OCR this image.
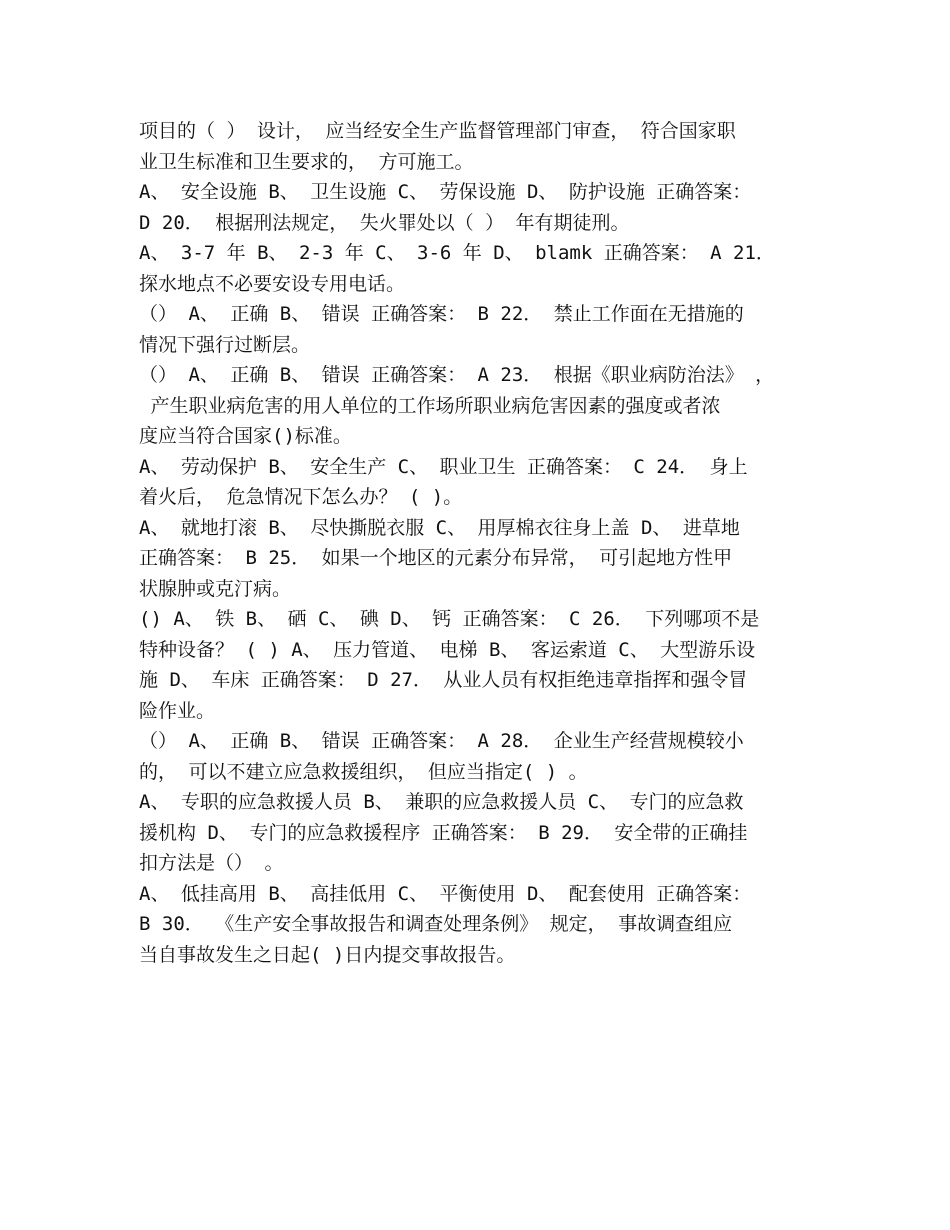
项目的（ ） 设计， 应当经安全生产监督管理部门审查， 符合国家职
业卫生标准和卫生要求的， 方可施工。
A、 安全设施 B、 卫生设施 C、 劳保设施 D、 防护设施 正确答案：
D 20． 根据刑法规定， 失火罪处以（ ） 年有期徒刑。
A、 3-7 年 B、 2-3 年 C、 3-6 年 D、 blamk 正确答案： A 21．
探水地点不必要安设专用电话。
（） A、 正确 B、 错误 正确答案： B 22． 禁止工作面在无措施的
情况下强行过断层。
（） A、 正确 B、 错误 正确答案： A 23． 根据《职业病防治法》 ，
产生职业病危害的用人单位的工作场所职业病危害因素的强度或者浓
度应当符合国家()标准。
A、 劳动保护 B、 安全生产 C、 职业卫生 正确答案： C 24． 身上
着火后， 危急情况下怎么办？ ( )。
A、 就地打滚 B、 尽快撕脱衣服 C、 用厚棉衣往身上盖 D、 进草地
正确答案： B 25． 如果一个地区的元素分布异常， 可引起地方性甲
状腺肿或克汀病。
() A、 铁 B、 硒 C、 碘 D、 钙 正确答案： C 26． 下列哪项不是
特种设备？ ( ) A、 压力管道、 电梯 B、 客运索道 C、 大型游乐设
施 D、 车床 正确答案： D 27． 从业人员有权拒绝违章指挥和强令冒
险作业。
（） A、 正确 B、 错误 正确答案： A 28． 企业生产经营规模较小
的， 可以不建立应急救援组织， 但应当指定( ) 。
A、 专职的应急救援人员 B、 兼职的应急救援人员 C、 专门的应急救
援机构 D、 专门的应急救援程序 正确答案： B 29． 安全带的正确挂
扣方法是（） 。
A、 低挂高用 B、 高挂低用 C、 平衡使用 D、 配套使用 正确答案：
B 30． 《生产安全事故报告和调查处理条例》 规定， 事故调查组应
当自事故发生之日起( )日内提交事故报告。
